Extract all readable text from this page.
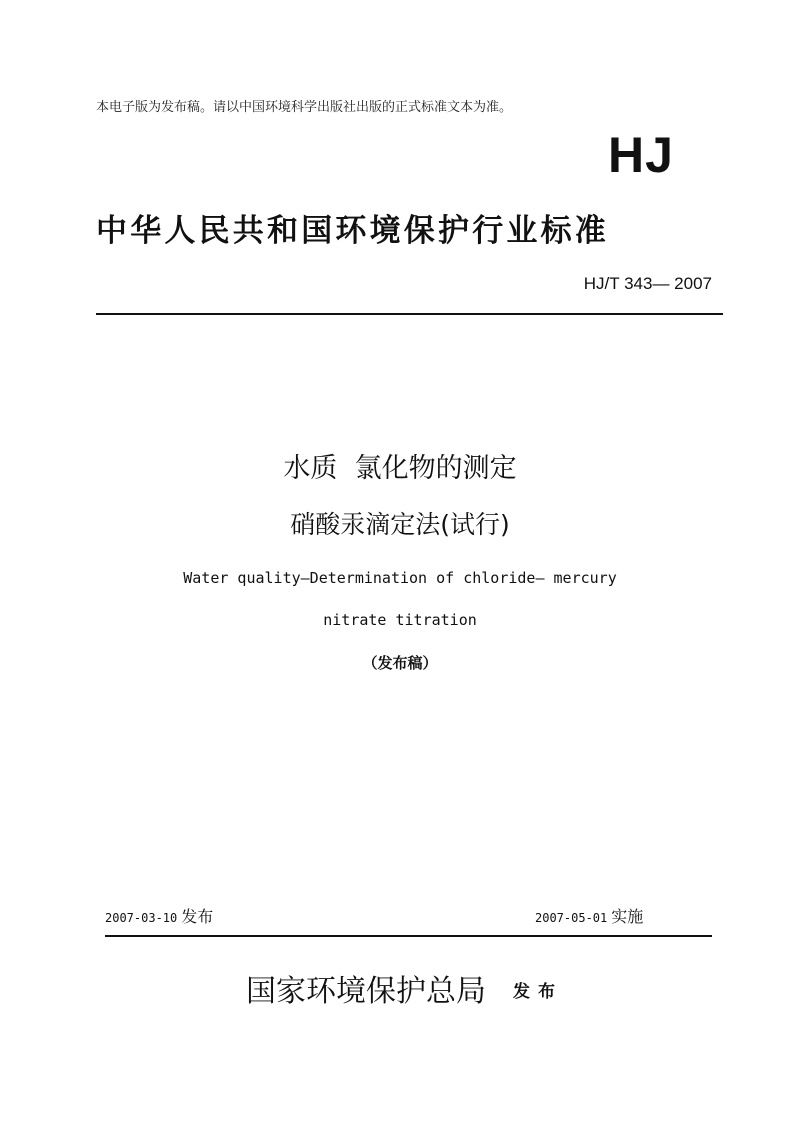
本电子版为发布稿。请以中国环境科学出版社出版的正式标准文本为准。
HJ
中华人民共和国环境保护行业标准
HJ/T 343— 2007
水质  氯化物的测定
硝酸汞滴定法(试行)
Water quality—Determination of chloride— mercury
nitrate titration
（发布稿）
2007-03-10 发布	2007-05-01 实施
国家环境保护总局 发布
